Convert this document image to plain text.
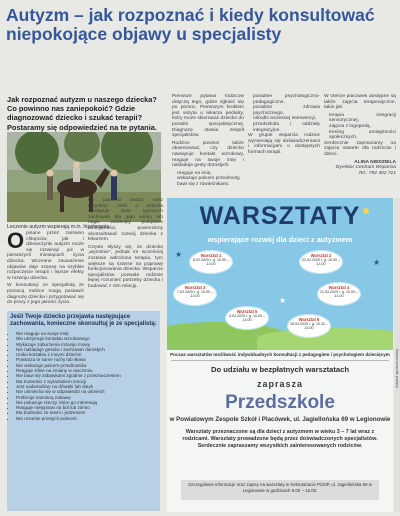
Autyzm – jak rozpoznać i kiedy konsultować niepokojące objawy u specjalisty
Jak rozpoznać autyzm u naszego dziecka? Co powinno nas zaniepokoić? Gdzie diagnozować dziecko i szukać terapii? Postaramy się odpowiedzieć na te pytania.
Leczenie autyzm wspierają m.in. hipoterapia.

Opisane przez zarówno chłopców, jak i dziewczynki autyzm może się rozwinąć już w pierwszych miesiącach życia dziecka. Wczesne zauważenie objawów daje szansę na szybkie rozpoczęcie terapii i lepsze efekty w rozwoju dziecka.

W konsultacji ze specjalistą ze pomocą rodzice mogą postawić diagnozę dziecka i przygotować się do pracy z jego jakości życia.

Co powinno budzić nasz niepokój? Jeśli u dziecka występuje brak typowych zachowań dla jego wieku lub nagle zaniknęły pożądane umiejętności, powinniśmy skonsultować rozwój dziecka z lekarzem.

Często słyszy się, że dziecko „wyrośnie”, jednak im wcześniej zostanie wdrożona terapia, tym większe są szanse na poprawę funkcjonowania dziecka. Wsparcie specjalistów pozwala rodzinie lepiej rozumieć potrzeby dziecka i budować z nim relację.

Pierwsze pytania rodziców dotyczą tego, gdzie zgłosić się po pomoc. Pierwszym krokiem jest wizyta u lekarza pediatry, który może skierować dziecko do poradni specjalistycznej. Diagnozę stawia zespół specjalistów.

Rodzice powinni także obserwować, czy dziecko nawiązuje kontakt wzrokowy, reaguje na swoje imię i naśladuje gesty dorosłych.

• reaguje na imię,
• wskazuje palcem przedmioty,
• bawi się z rówieśnikami.
• poradnie psychologiczno-pedagogiczne,
• poradnie zdrowia psychicznego,
• ośrodki wczesnej interwencji,
• przedszkola i oddziały integracyjne.

W grupie wsparcia rodzice wymieniają się doświadczeniami i informacjami o dostępnych formach terapii.

W ofercie placówek dostępne są także zajęcia terapeutyczne, takie jak:

• terapia integracji sensorycznej,
• zajęcia z logopedą,
• trening umiejętności społecznych.

Serdecznie zapraszamy na zajęcia otwarte dla rodziców i dzieci.

ALINA NIEDZIELA
Dyrektor Centrum Wsparcia
Tel.: 792 402 721
Jeśli Twoje dziecko przejawia następujące zachowania, konieczne skonsultuj je ze specjalistą:
• Nie reaguje na swoje imię
• Nie utrzymuje kontaktu wzrokowego
• Wykazuje zaburzenia rozwoju mowy
• Nie naśladuje gestów i zachowań dorosłych
• Unika kontaktu z innymi dziećmi
• Powtarza te same ruchy lub słowa
• Nie wskazuje palcem przedmiotów
• Reaguje silnie na zmiany w otoczeniu
• Nie bawi się zabawkami zgodnie z przeznaczeniem
• Ma trudności z wyrażaniem emocji
• Jest nadwrażliwy na dźwięki lub dotyk
• Nie uśmiecha się w odpowiedzi na uśmiech
• Preferuje samotną zabawę
• Nie pokazuje rzeczy, które go interesują
• Reaguje nietypowo na ból lub zimno
• Ma trudności ze snem i jedzeniem
• Nie rozumie prostych poleceń
★
★
★
WARSZTATY
wspierające rozwój dla dzieci z autyzmem
Warsztat 1
8.02.2020 r. g. 10.00 – 13.00
Warsztat 2
22.02.2020 r. g. 10.00 – 13.00
Warsztat 3
7.03.2020 r. g. 10.00 – 13.00
Warsztat 4
21.03.2020 r. g. 10.00 – 13.00
Warsztat 5
4.04.2020 r. g. 10.00 – 13.00	Warsztat 6
18.04.2020 r. g. 10.00 – 13.00
Poczas warsztatów możliwość indywidualnych konsultacji z pedagogiem i psychologiem dziecięcym
Do udziału w bezpłatnych warsztatach
zaprasza
Przedszkole
w Powiatowym Zespole Szkół i Placówek, ul. Jagiellońska 69 w Legionowie
Warsztaty przeznaczone są dla dzieci z autyzmem w wieku 3 – 7 lat wraz z rodzicami. Warsztaty prowadzone będą przez doświadczonych specjalistów. Serdecznie zapraszamy wszystkich zainteresowanych rodziców.
Szczegółowe informacje oraz zapisy na warsztaty w Sekretariacie PZSiP, ul. Jagiellońska 69 w Legionowie w godzinach 8.00 – 15.00.
Artykuł sponsorowany
